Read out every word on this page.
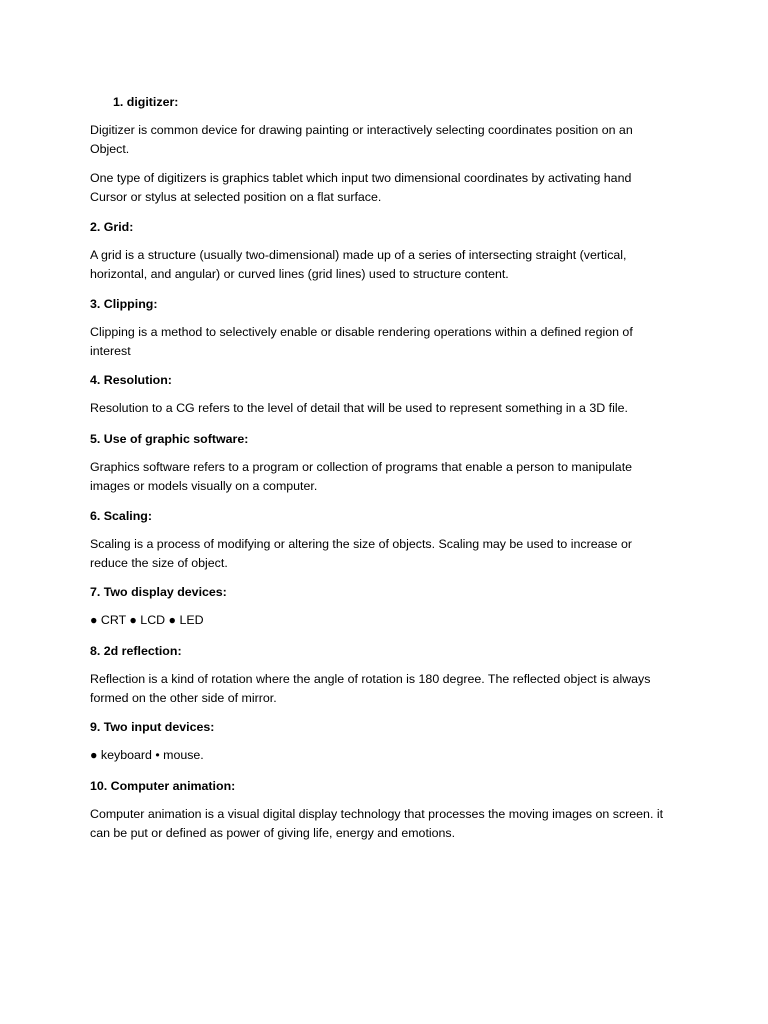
1. digitizer:
Digitizer is common device for drawing painting or interactively selecting coordinates position on an
Object.
One type of digitizers is graphics tablet which input two dimensional coordinates by activating hand
Cursor or stylus at selected position on a flat surface.
2. Grid:
A grid is a structure (usually two-dimensional) made up of a series of intersecting straight (vertical,
horizontal, and angular) or curved lines (grid lines) used to structure content.
3. Clipping:
Clipping is a method to selectively enable or disable rendering operations within a defined region of
interest
4. Resolution:
Resolution to a CG refers to the level of detail that will be used to represent something in a 3D file.
5. Use of graphic software:
Graphics software refers to a program or collection of programs that enable a person to manipulate
images or models visually on a computer.
6. Scaling:
Scaling is a process of modifying or altering the size of objects. Scaling may be used to increase or
reduce the size of object.
7. Two display devices:
● CRT ● LCD ● LED
8. 2d reflection:
Reflection is a kind of rotation where the angle of rotation is 180 degree. The reflected object is always
formed on the other side of mirror.
9. Two input devices:
● keyboard • mouse.
10. Computer animation:
Computer animation is a visual digital display technology that processes the moving images on screen. it
can be put or defined as power of giving life, energy and emotions.
